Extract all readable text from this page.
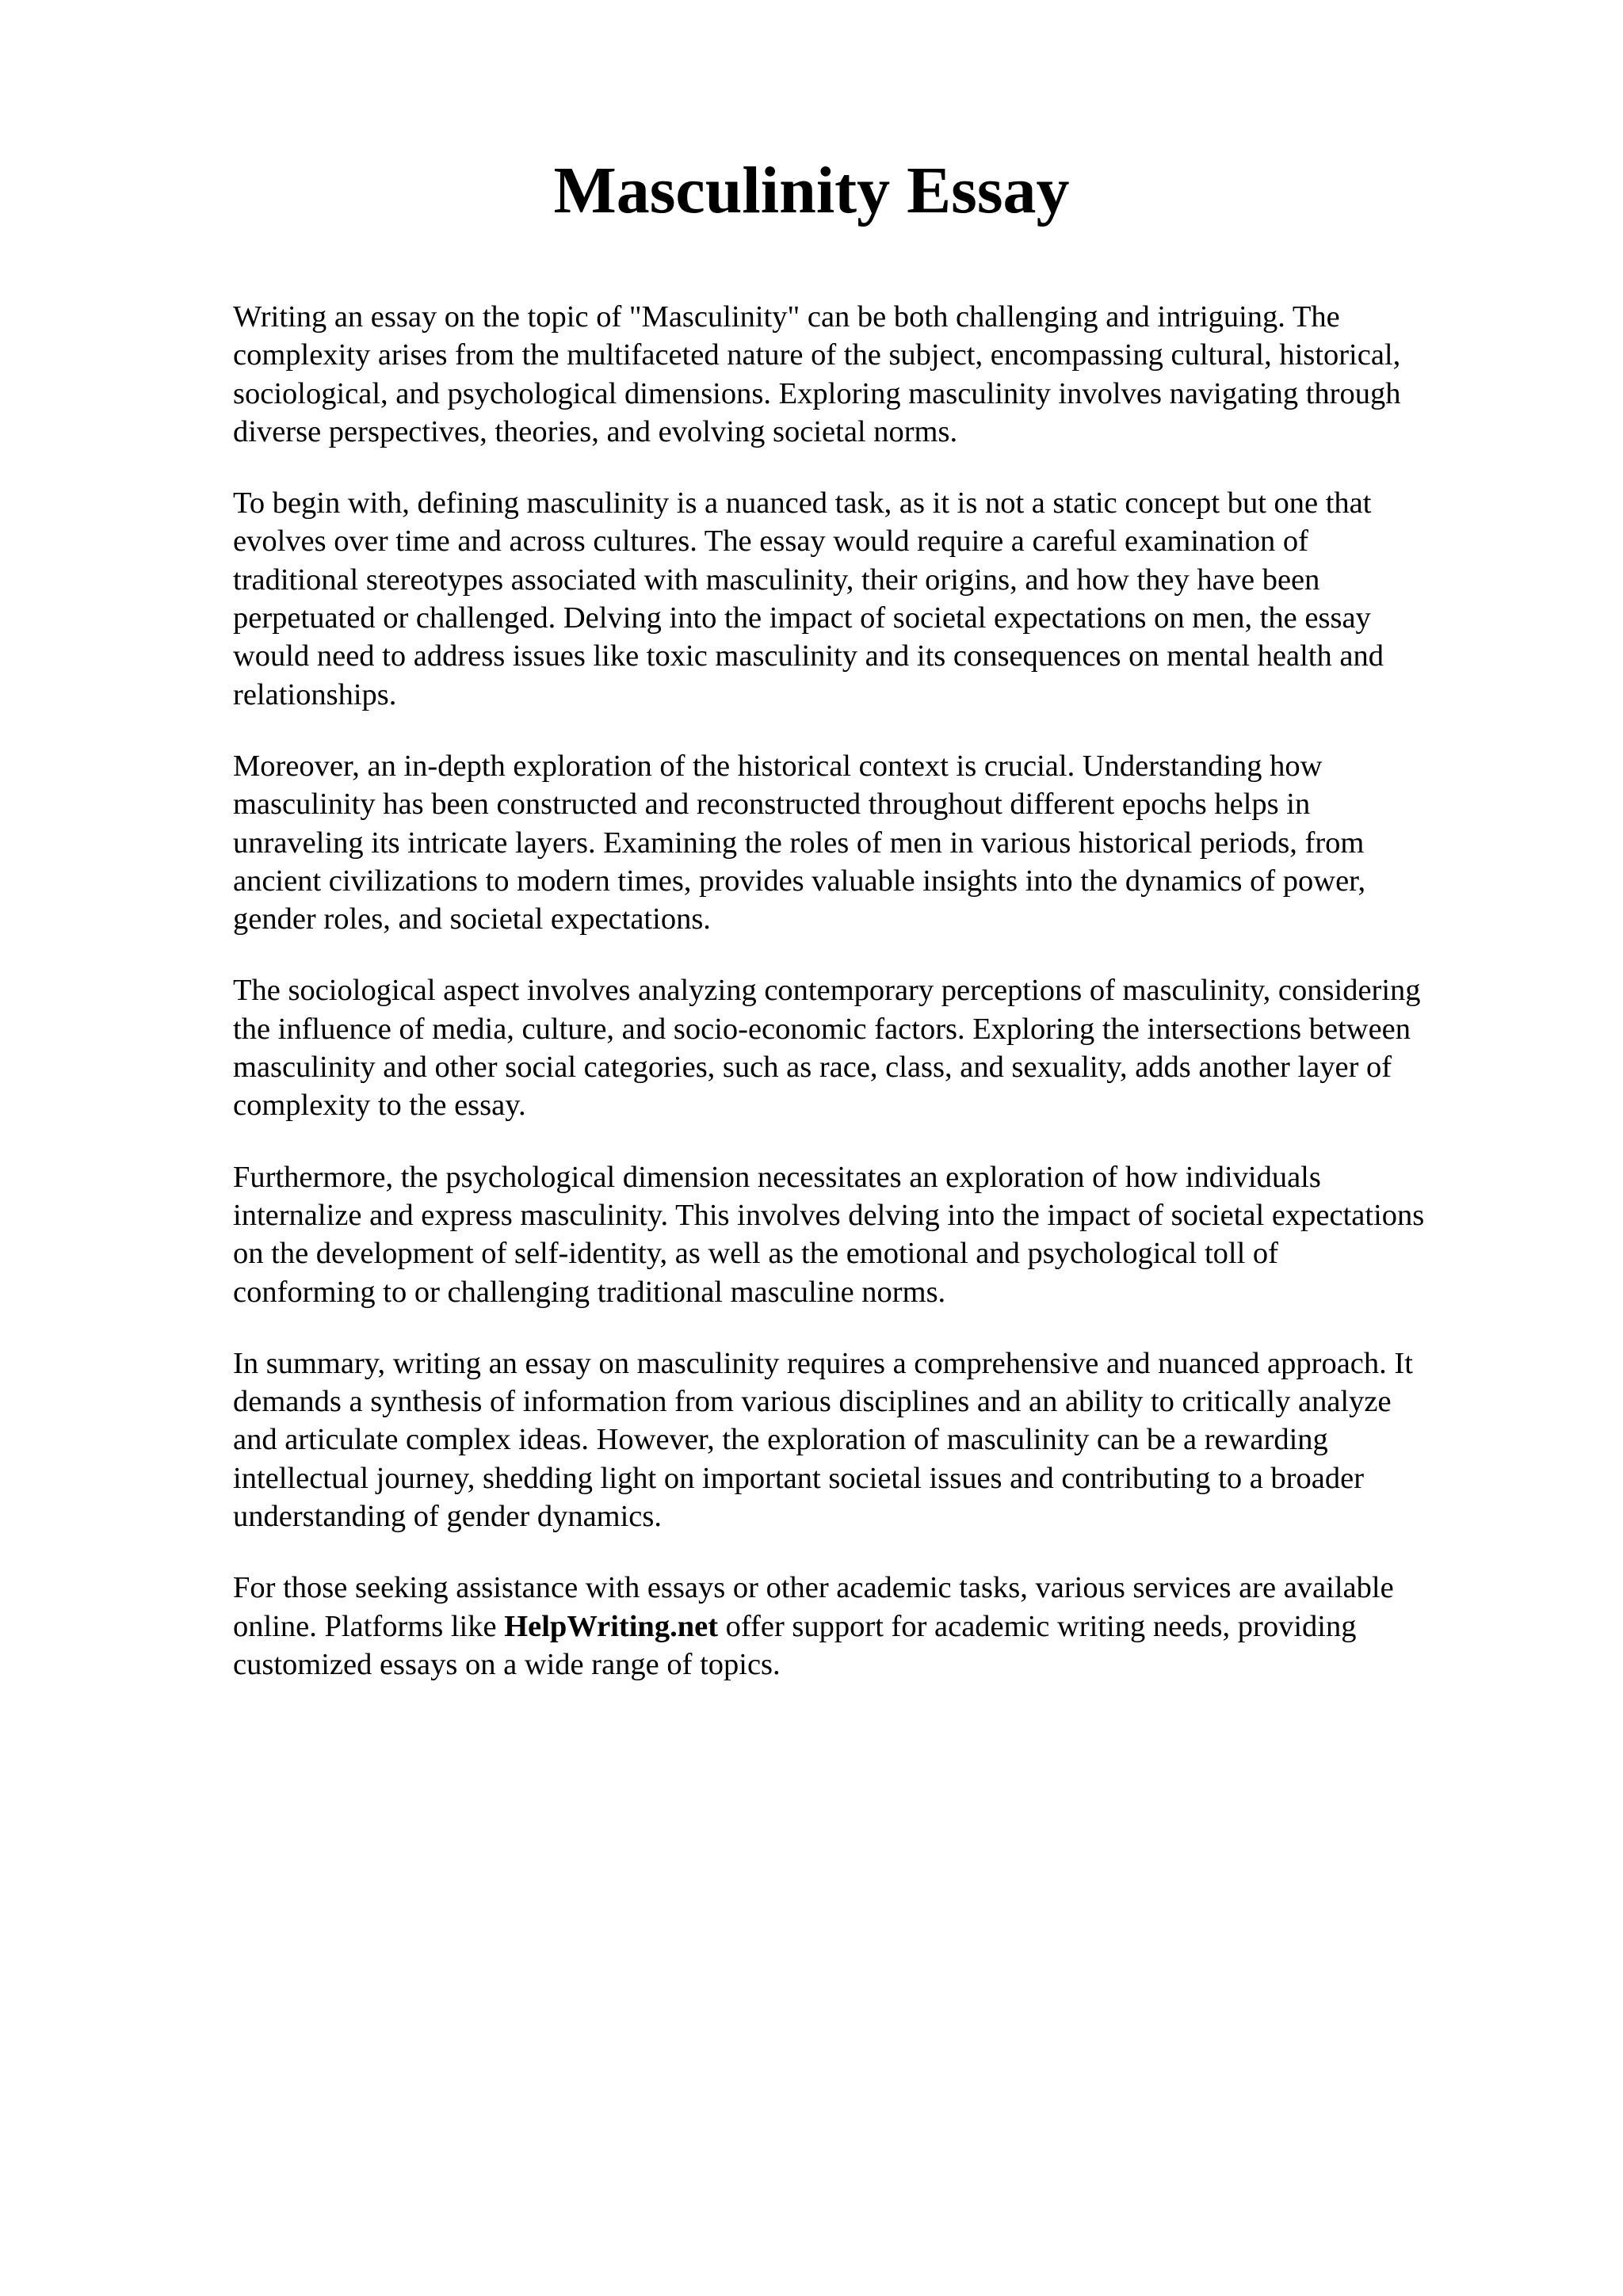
Masculinity Essay

Writing an essay on the topic of "Masculinity" can be both challenging and intriguing. The
complexity arises from the multifaceted nature of the subject, encompassing cultural, historical,
sociological, and psychological dimensions. Exploring masculinity involves navigating through
diverse perspectives, theories, and evolving societal norms.

To begin with, defining masculinity is a nuanced task, as it is not a static concept but one that
evolves over time and across cultures. The essay would require a careful examination of
traditional stereotypes associated with masculinity, their origins, and how they have been
perpetuated or challenged. Delving into the impact of societal expectations on men, the essay
would need to address issues like toxic masculinity and its consequences on mental health and
relationships.

Moreover, an in-depth exploration of the historical context is crucial. Understanding how
masculinity has been constructed and reconstructed throughout different epochs helps in
unraveling its intricate layers. Examining the roles of men in various historical periods, from
ancient civilizations to modern times, provides valuable insights into the dynamics of power,
gender roles, and societal expectations.

The sociological aspect involves analyzing contemporary perceptions of masculinity, considering
the influence of media, culture, and socio-economic factors. Exploring the intersections between
masculinity and other social categories, such as race, class, and sexuality, adds another layer of
complexity to the essay.

Furthermore, the psychological dimension necessitates an exploration of how individuals
internalize and express masculinity. This involves delving into the impact of societal expectations
on the development of self-identity, as well as the emotional and psychological toll of
conforming to or challenging traditional masculine norms.

In summary, writing an essay on masculinity requires a comprehensive and nuanced approach. It
demands a synthesis of information from various disciplines and an ability to critically analyze
and articulate complex ideas. However, the exploration of masculinity can be a rewarding
intellectual journey, shedding light on important societal issues and contributing to a broader
understanding of gender dynamics.

For those seeking assistance with essays or other academic tasks, various services are available
online. Platforms like HelpWriting.net offer support for academic writing needs, providing
customized essays on a wide range of topics.
